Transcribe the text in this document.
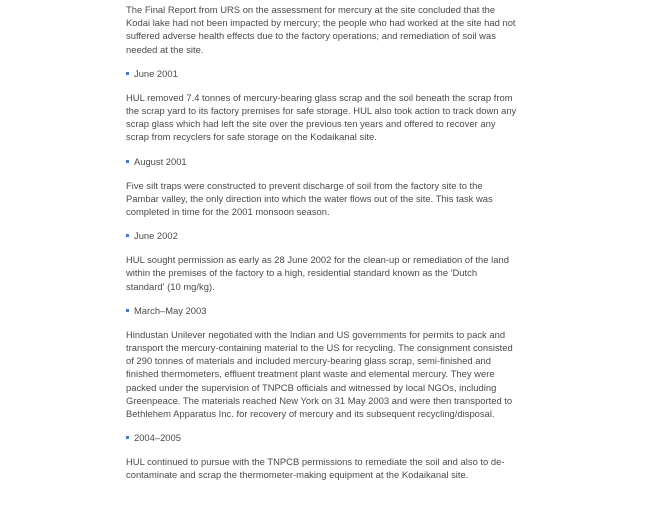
The Final Report from URS on the assessment for mercury at the site concluded that the Kodai lake had not been impacted by mercury; the people who had worked at the site had not suffered adverse health effects due to the factory operations; and remediation of soil was needed at the site.

June 2001

HUL removed 7.4 tonnes of mercury-bearing glass scrap and the soil beneath the scrap from the scrap yard to its factory premises for safe storage. HUL also took action to track down any scrap glass which had left the site over the previous ten years and offered to recover any scrap from recyclers for safe storage on the Kodaikanal site.

August 2001

Five silt traps were constructed to prevent discharge of soil from the factory site to the Pambar valley, the only direction into which the water flows out of the site. This task was completed in time for the 2001 monsoon season.

June 2002

HUL sought permission as early as 28 June 2002 for the clean-up or remediation of the land within the premises of the factory to a high, residential standard known as the 'Dutch standard' (10 mg/kg).

March–May 2003

Hindustan Unilever negotiated with the Indian and US governments for permits to pack and transport the mercury-containing material to the US for recycling. The consignment consisted of 290 tonnes of materials and included mercury-bearing glass scrap, semi-finished and finished thermometers, effluent treatment plant waste and elemental mercury. They were packed under the supervision of TNPCB officials and witnessed by local NGOs, including Greenpeace. The materials reached New York on 31 May 2003 and were then transported to Bethlehem Apparatus Inc. for recovery of mercury and its subsequent recycling/disposal.

2004–2005

HUL continued to pursue with the TNPCB permissions to remediate the soil and also to de-contaminate and scrap the thermometer-making equipment at the Kodaikanal site.
